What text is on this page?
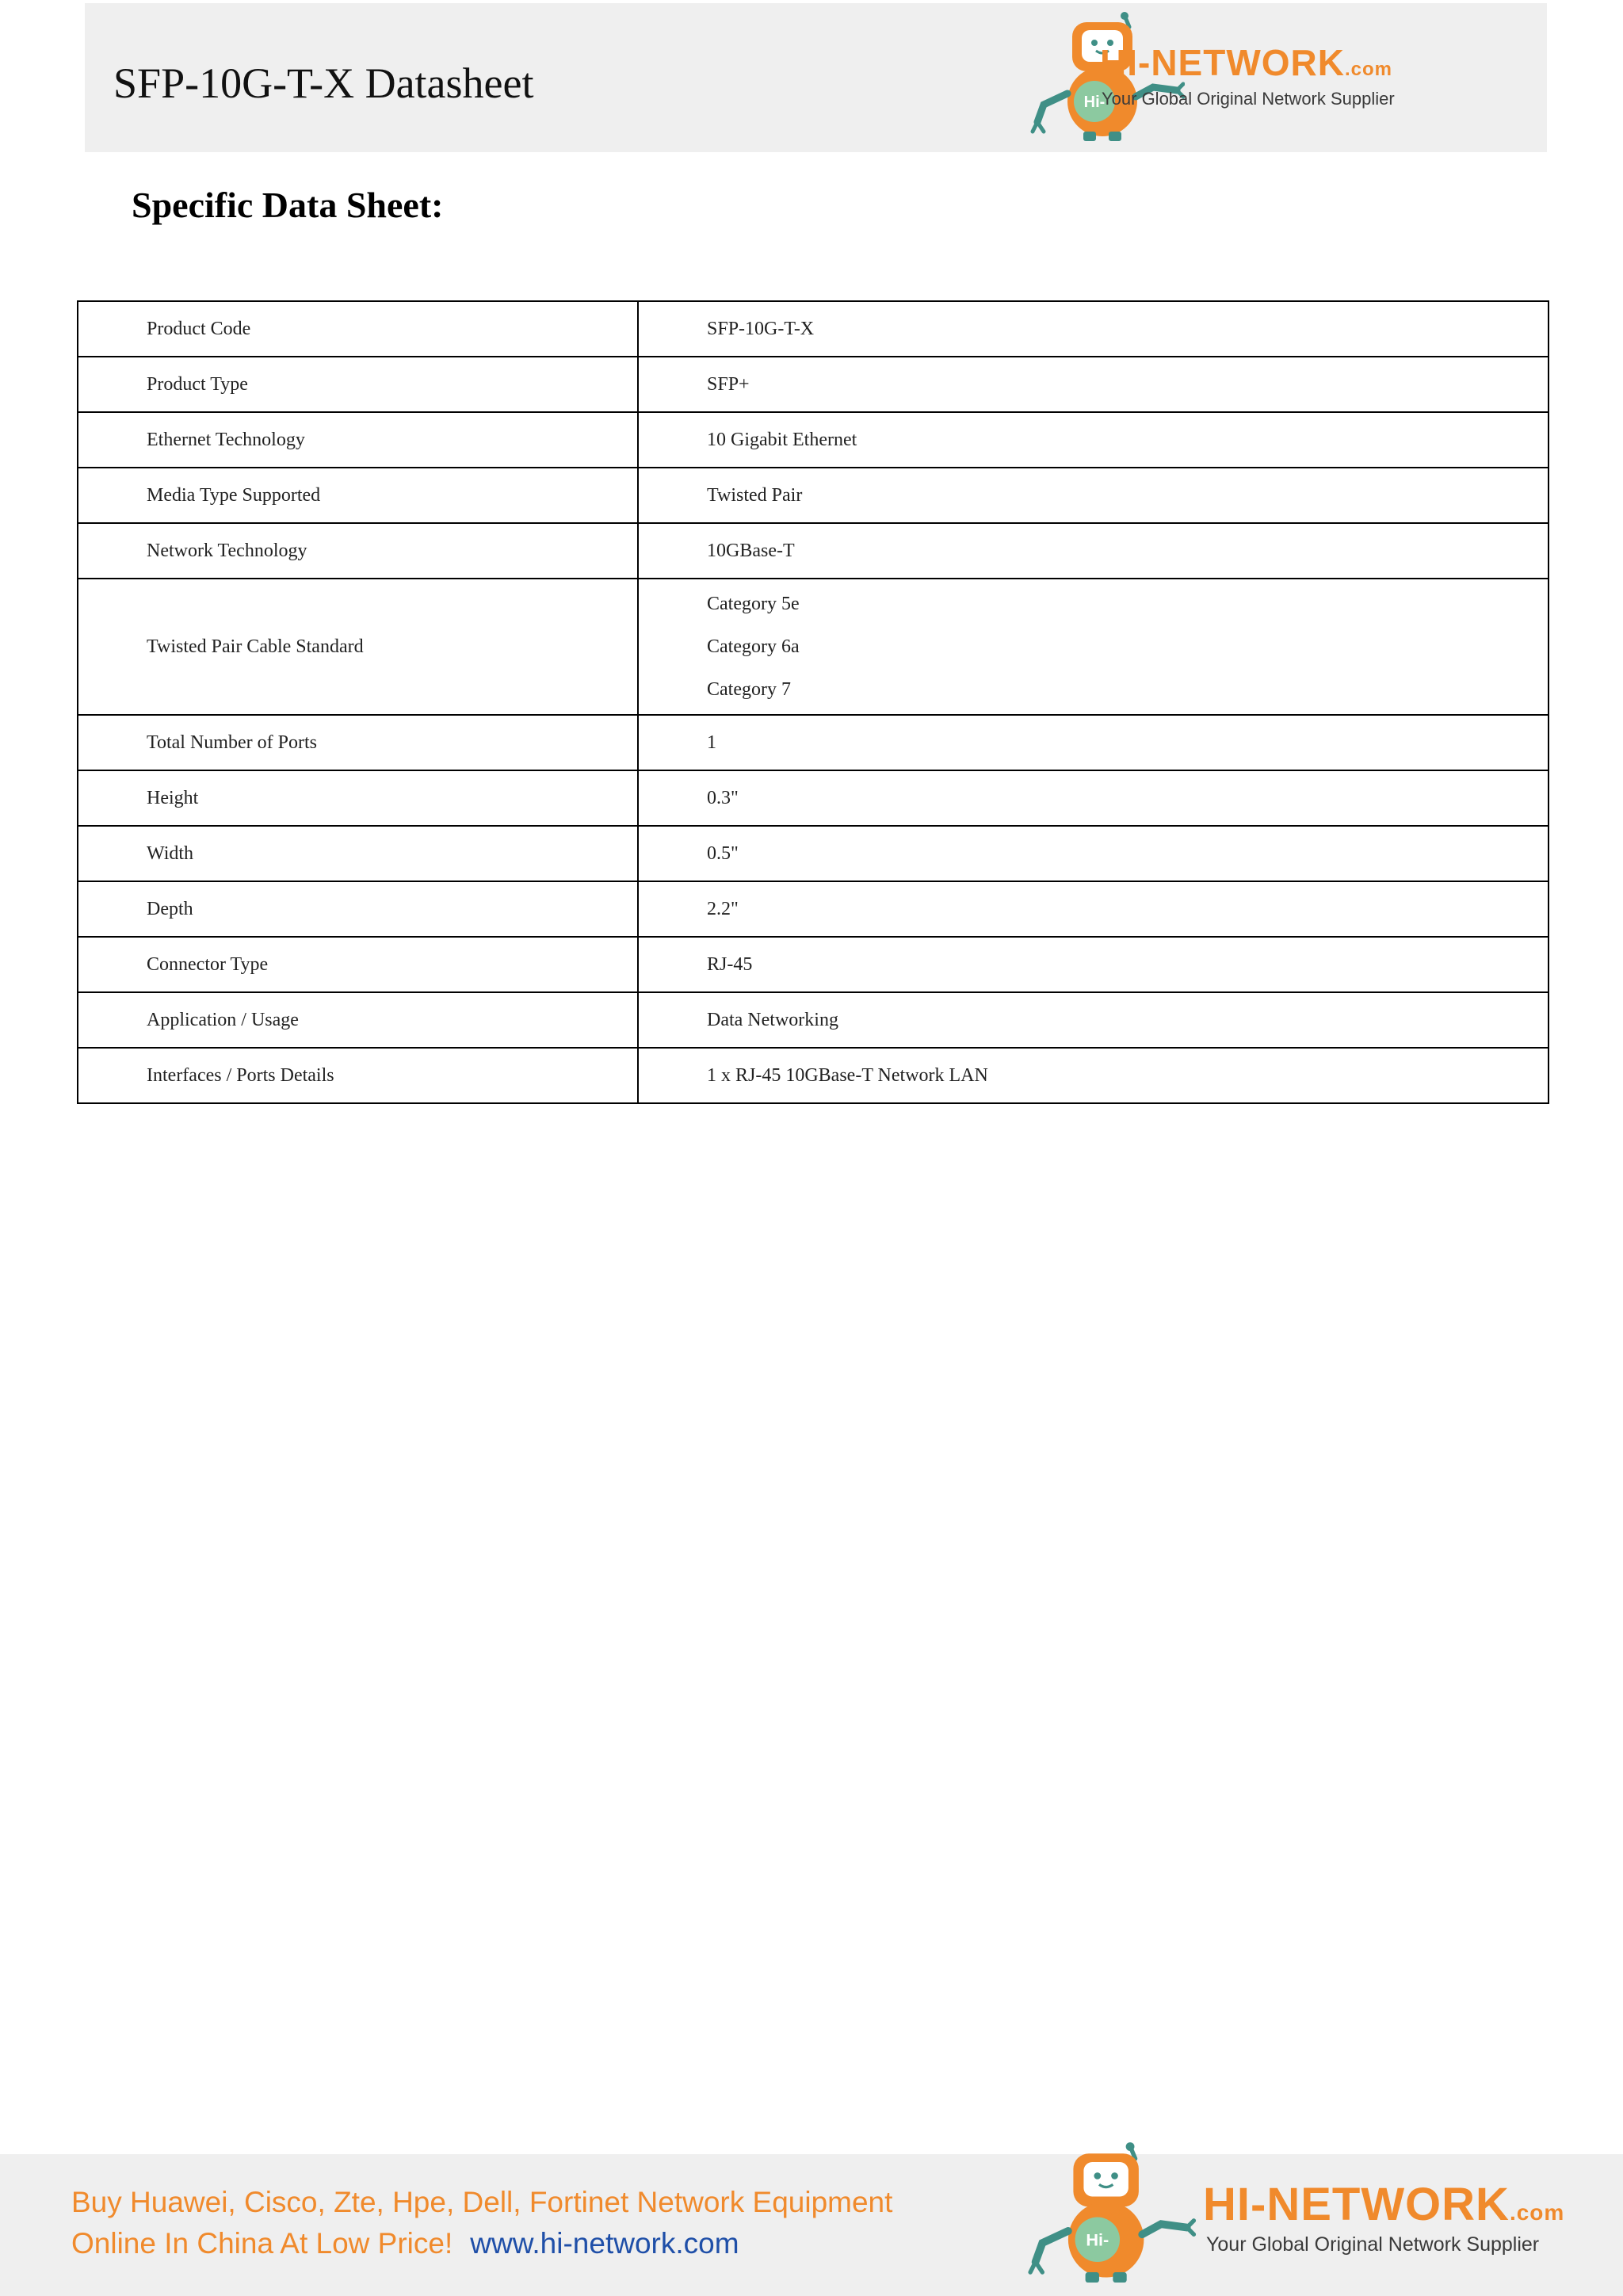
SFP-10G-T-X Datasheet	Hi-
HI-NETWORK.com
Your Global Original Network Supplier
Specific Data Sheet:
Product Code	SFP-10G-T-X
Product Type	SFP+
Ethernet Technology	10 Gigabit Ethernet
Media Type Supported	Twisted Pair
Network Technology	10GBase-T
Twisted Pair Cable Standard	Category 5e
Category 6a
Category 7

Total Number of Ports	1
Height	0.3"
Width	0.5"
Depth	2.2"
Connector Type	RJ-45
Application / Usage	Data Networking
Interfaces / Ports Details	1 x RJ-45 10GBase-T Network LAN
Buy Huawei, Cisco, Zte, Hpe, Dell, Fortinet Network Equipment
Online In China At Low Price! www.hi-network.com	Hi-
HI-NETWORK.com
Your Global Original Network Supplier
